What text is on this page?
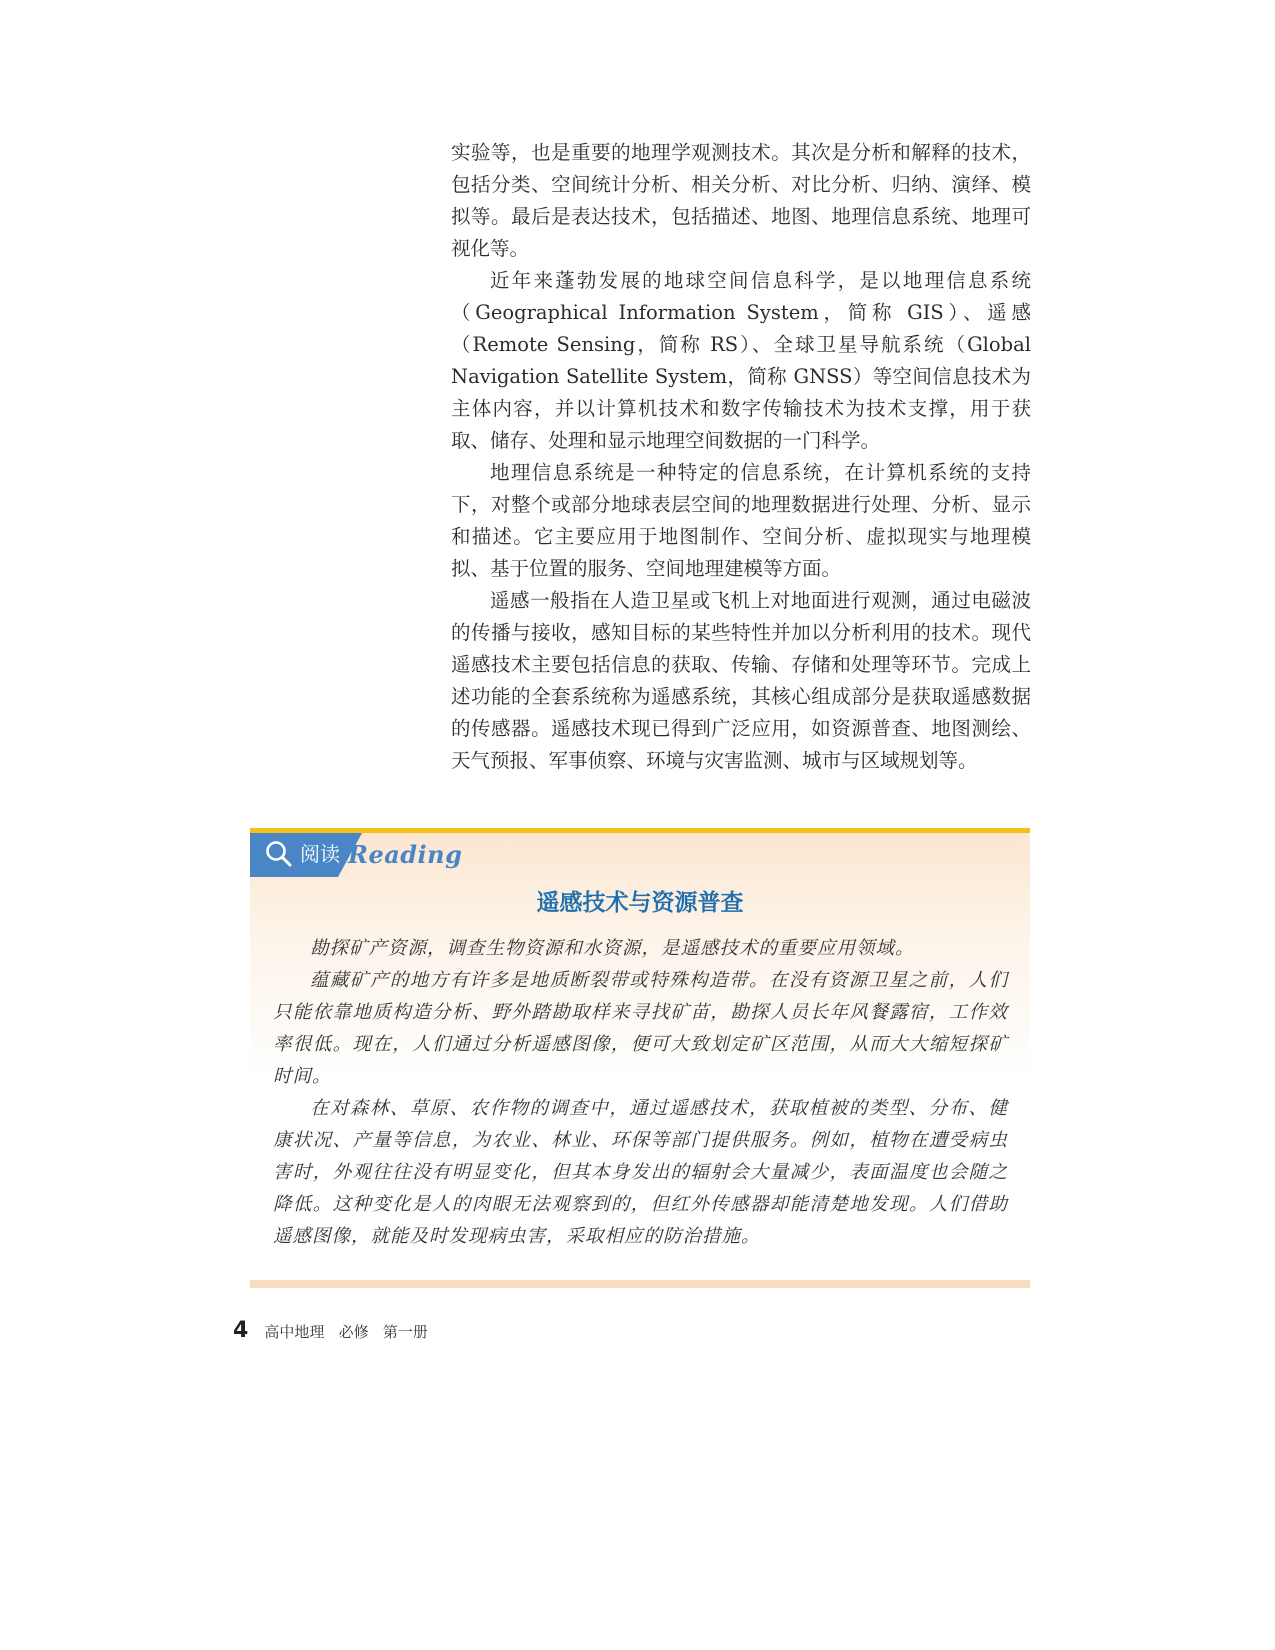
实验等，也是重要的地理学观测技术。其次是分析和解释的技术，包括分类、空间统计分析、相关分析、对比分析、归纳、演绎、模拟等。最后是表达技术，包括描述、地图、地理信息系统、地理可视化等。

近年来蓬勃发展的地球空间信息科学，是以地理信息系统（Geographical Information System，简称 GIS）、遥感（Remote Sensing，简称 RS）、全球卫星导航系统（Global Navigation Satellite System，简称 GNSS）等空间信息技术为主体内容，并以计算机技术和数字传输技术为技术支撑，用于获取、储存、处理和显示地理空间数据的一门科学。

地理信息系统是一种特定的信息系统，在计算机系统的支持下，对整个或部分地球表层空间的地理数据进行处理、分析、显示和描述。它主要应用于地图制作、空间分析、虚拟现实与地理模拟、基于位置的服务、空间地理建模等方面。

遥感一般指在人造卫星或飞机上对地面进行观测，通过电磁波的传播与接收，感知目标的某些特性并加以分析利用的技术。现代遥感技术主要包括信息的获取、传输、存储和处理等环节。完成上述功能的全套系统称为遥感系统，其核心组成部分是获取遥感数据的传感器。遥感技术现已得到广泛应用，如资源普查、地图测绘、天气预报、军事侦察、环境与灾害监测、城市与区域规划等。

阅读 Reading
遥感技术与资源普查

勘探矿产资源，调查生物资源和水资源，是遥感技术的重要应用领域。

蕴藏矿产的地方有许多是地质断裂带或特殊构造带。在没有资源卫星之前，人们只能依靠地质构造分析、野外踏勘取样来寻找矿苗，勘探人员长年风餐露宿，工作效率很低。现在，人们通过分析遥感图像，便可大致划定矿区范围，从而大大缩短探矿时间。

在对森林、草原、农作物的调查中，通过遥感技术，获取植被的类型、分布、健康状况、产量等信息，为农业、林业、环保等部门提供服务。例如，植物在遭受病虫害时，外观往往没有明显变化，但其本身发出的辐射会大量减少，表面温度也会随之降低。这种变化是人的肉眼无法观察到的，但红外传感器却能清楚地发现。人们借助遥感图像，就能及时发现病虫害，采取相应的防治措施。

4 高中地理   必修   第一册
